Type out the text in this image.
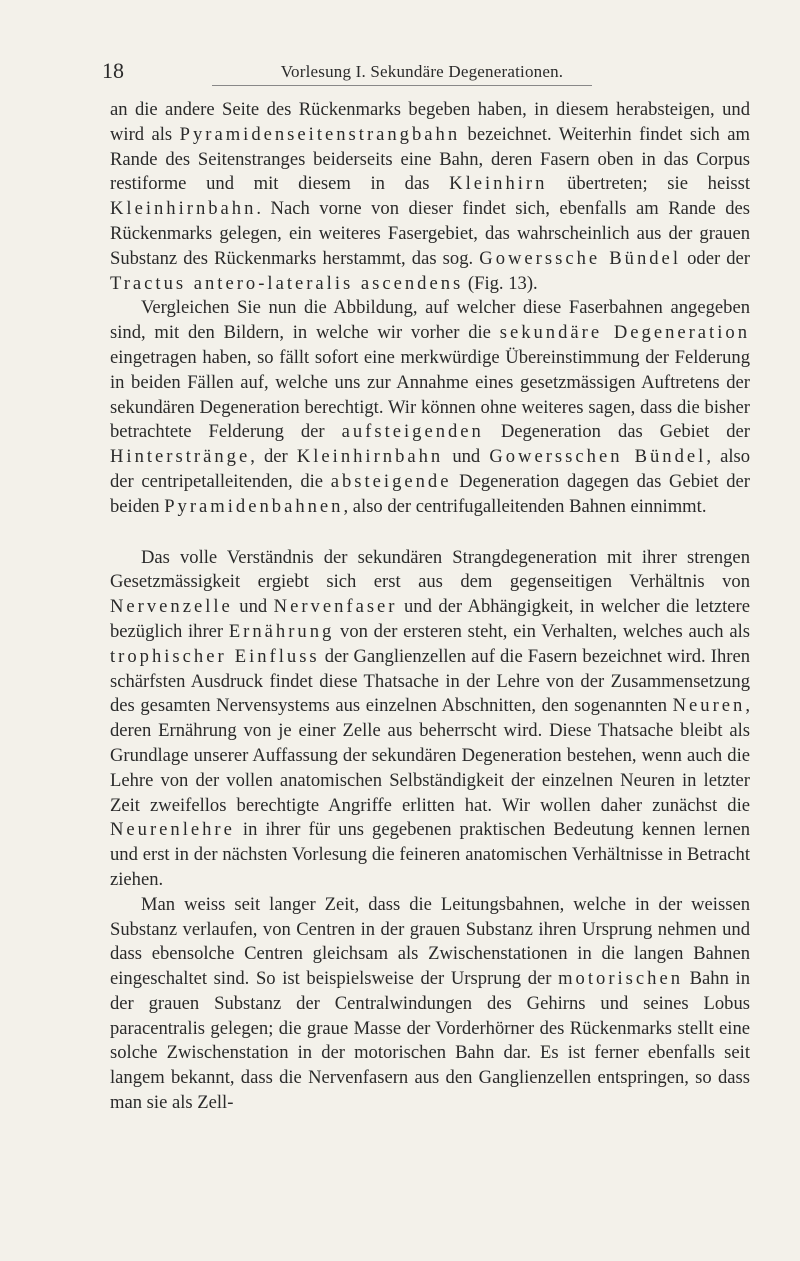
18	Vorlesung I. Sekundäre Degenerationen.

an die andere Seite des Rückenmarks begeben haben, in diesem herabsteigen, und wird als Pyramidenseitenstrangbahn bezeichnet. Weiterhin findet sich am Rande des Seitenstranges beiderseits eine Bahn, deren Fasern oben in das Corpus restiforme und mit diesem in das Kleinhirn übertreten; sie heisst Kleinhirnbahn. Nach vorne von dieser findet sich, ebenfalls am Rande des Rückenmarks gelegen, ein weiteres Fasergebiet, das wahrscheinlich aus der grauen Substanz des Rückenmarks herstammt, das sog. Gowerssche Bündel oder der Tractus antero-lateralis ascendens (Fig. 13).

Vergleichen Sie nun die Abbildung, auf welcher diese Faserbahnen angegeben sind, mit den Bildern, in welche wir vorher die sekundäre Degeneration eingetragen haben, so fällt sofort eine merkwürdige Übereinstimmung der Felderung in beiden Fällen auf, welche uns zur Annahme eines gesetzmässigen Auftretens der sekundären Degeneration berechtigt. Wir können ohne weiteres sagen, dass die bisher betrachtete Felderung der aufsteigenden Degeneration das Gebiet der Hinterstränge, der Kleinhirnbahn und Gowersschen Bündel, also der centripetalleitenden, die absteigende Degeneration dagegen das Gebiet der beiden Pyramidenbahnen, also der centrifugalleitenden Bahnen einnimmt.

Das volle Verständnis der sekundären Strangdegeneration mit ihrer strengen Gesetzmässigkeit ergiebt sich erst aus dem gegenseitigen Verhältnis von Nervenzelle und Nervenfaser und der Abhängigkeit, in welcher die letztere bezüglich ihrer Ernährung von der ersteren steht, ein Verhalten, welches auch als trophischer Einfluss der Ganglienzellen auf die Fasern bezeichnet wird. Ihren schärfsten Ausdruck findet diese Thatsache in der Lehre von der Zusammensetzung des gesamten Nervensystems aus einzelnen Abschnitten, den sogenannten Neuren, deren Ernährung von je einer Zelle aus beherrscht wird. Diese Thatsache bleibt als Grundlage unserer Auffassung der sekundären Degeneration bestehen, wenn auch die Lehre von der vollen anatomischen Selbständigkeit der einzelnen Neuren in letzter Zeit zweifellos berechtigte Angriffe erlitten hat. Wir wollen daher zunächst die Neurenlehre in ihrer für uns gegebenen praktischen Bedeutung kennen lernen und erst in der nächsten Vorlesung die feineren anatomischen Verhältnisse in Betracht ziehen.

Man weiss seit langer Zeit, dass die Leitungsbahnen, welche in der weissen Substanz verlaufen, von Centren in der grauen Substanz ihren Ursprung nehmen und dass ebensolche Centren gleichsam als Zwischenstationen in die langen Bahnen eingeschaltet sind. So ist beispielsweise der Ursprung der motorischen Bahn in der grauen Substanz der Centralwindungen des Gehirns und seines Lobus paracentralis gelegen; die graue Masse der Vorderhörner des Rückenmarks stellt eine solche Zwischenstation in der motorischen Bahn dar. Es ist ferner ebenfalls seit langem bekannt, dass die Nervenfasern aus den Ganglienzellen entspringen, so dass man sie als Zell-
